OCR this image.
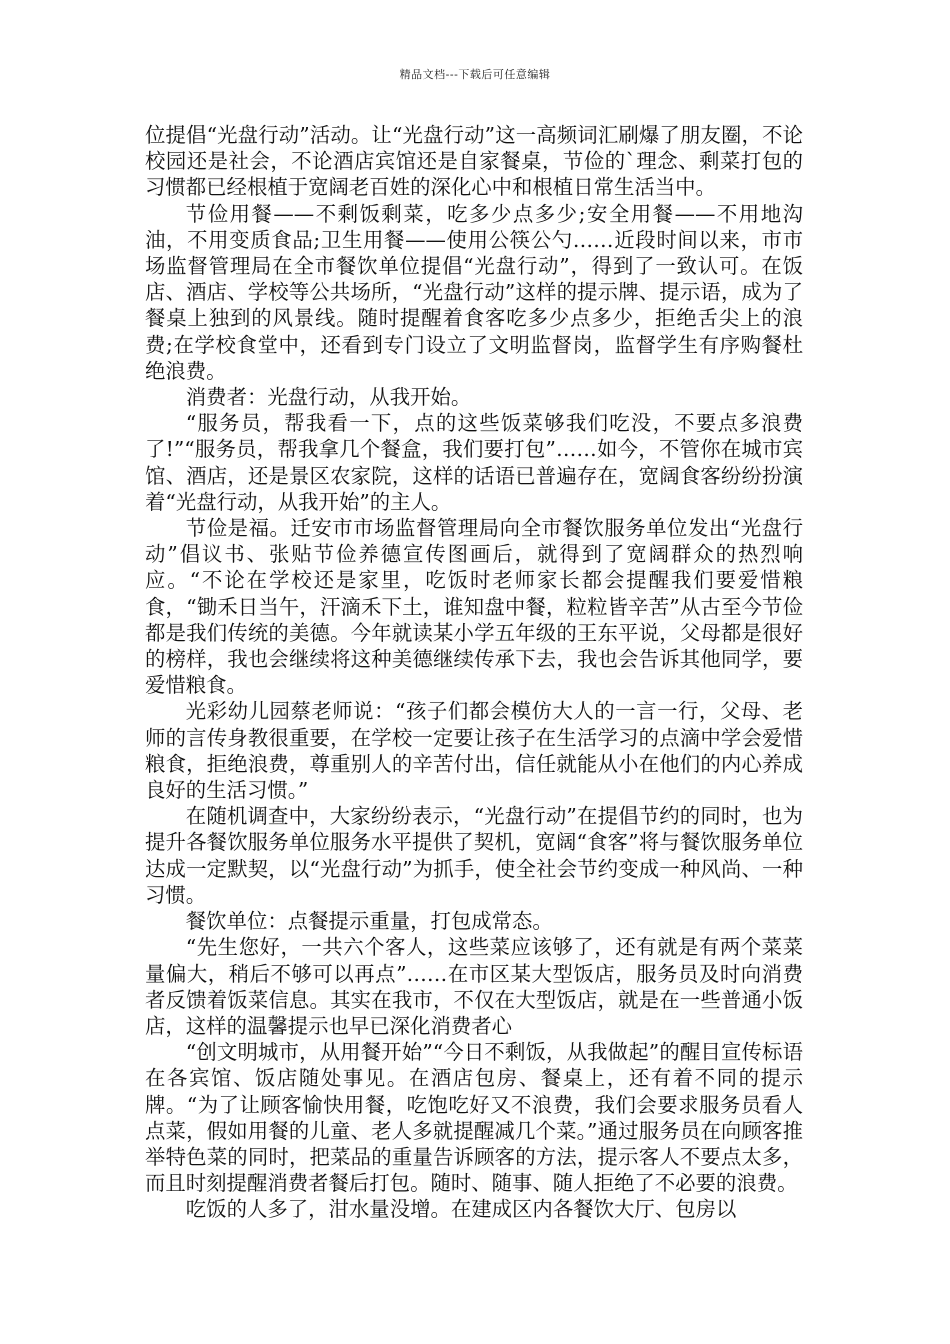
精品文档---下载后可任意编辑

位提倡“光盘行动”活动。让“光盘行动”这一高频词汇刷爆了朋友圈，不论校园还是社会，不论酒店宾馆还是自家餐桌，节俭的`理念、剩菜打包的习惯都已经根植于宽阔老百姓的深化心中和根植日常生活当中。

节俭用餐——不剩饭剩菜，吃多少点多少;安全用餐——不用地沟油，不用变质食品;卫生用餐——使用公筷公勺……近段时间以来，市市场监督管理局在全市餐饮单位提倡“光盘行动”，得到了一致认可。在饭店、酒店、学校等公共场所，“光盘行动”这样的提示牌、提示语，成为了餐桌上独到的风景线。随时提醒着食客吃多少点多少，拒绝舌尖上的浪费;在学校食堂中，还看到专门设立了文明监督岗，监督学生有序购餐杜绝浪费。

消费者：光盘行动，从我开始。

“服务员，帮我看一下，点的这些饭菜够我们吃没，不要点多浪费了!”“服务员，帮我拿几个餐盒，我们要打包”……如今，不管你在城市宾馆、酒店，还是景区农家院，这样的话语已普遍存在，宽阔食客纷纷扮演着“光盘行动，从我开始”的主人。

节俭是福。迁安市市场监督管理局向全市餐饮服务单位发出“光盘行动”倡议书、张贴节俭养德宣传图画后，就得到了宽阔群众的热烈响应。“不论在学校还是家里，吃饭时老师家长都会提醒我们要爱惜粮食，“锄禾日当午，汗滴禾下土，谁知盘中餐，粒粒皆辛苦”从古至今节俭都是我们传统的美德。今年就读某小学五年级的王东平说，父母都是很好的榜样，我也会继续将这种美德继续传承下去，我也会告诉其他同学，要爱惜粮食。

光彩幼儿园蔡老师说：“孩子们都会模仿大人的一言一行，父母、老师的言传身教很重要，在学校一定要让孩子在生活学习的点滴中学会爱惜粮食，拒绝浪费，尊重别人的辛苦付出，信任就能从小在他们的内心养成良好的生活习惯。”

在随机调查中，大家纷纷表示，“光盘行动”在提倡节约的同时，也为提升各餐饮服务单位服务水平提供了契机，宽阔“食客”将与餐饮服务单位达成一定默契，以“光盘行动”为抓手，使全社会节约变成一种风尚、一种习惯。

餐饮单位：点餐提示重量，打包成常态。

“先生您好，一共六个客人，这些菜应该够了，还有就是有两个菜菜量偏大，稍后不够可以再点”……在市区某大型饭店，服务员及时向消费者反馈着饭菜信息。其实在我市，不仅在大型饭店，就是在一些普通小饭店，这样的温馨提示也早已深化消费者心

“创文明城市，从用餐开始”“今日不剩饭，从我做起”的醒目宣传标语在各宾馆、饭店随处事见。在酒店包房、餐桌上，还有着不同的提示牌。“为了让顾客愉快用餐，吃饱吃好又不浪费，我们会要求服务员看人点菜，假如用餐的儿童、老人多就提醒减几个菜。”通过服务员在向顾客推举特色菜的同时，把菜品的重量告诉顾客的方法，提示客人不要点太多，而且时刻提醒消费者餐后打包。随时、随事、随人拒绝了不必要的浪费。

吃饭的人多了，泔水量没增。在建成区内各餐饮大厅、包房以
